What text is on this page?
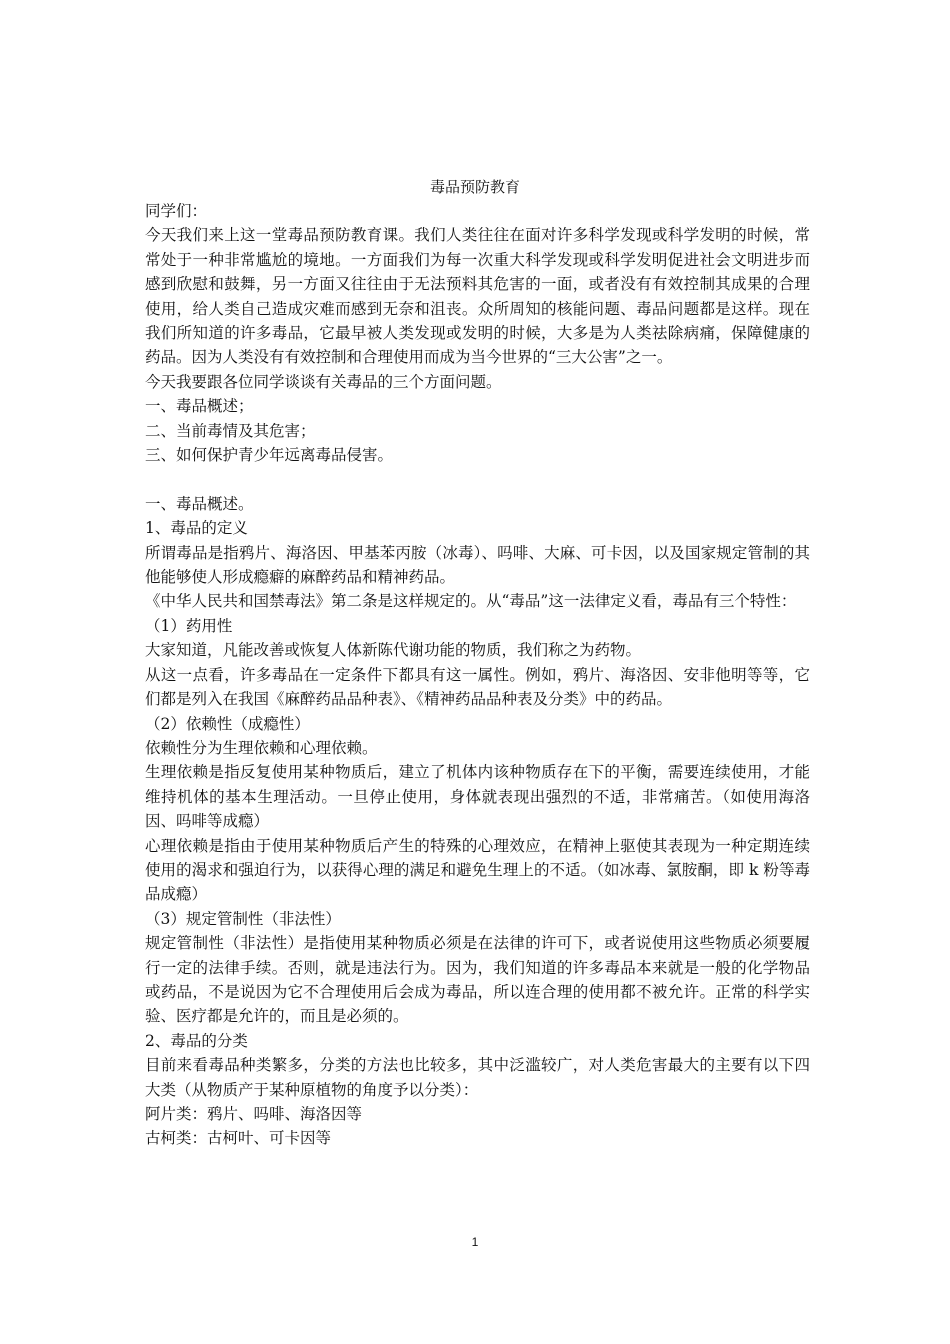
毒品预防教育

同学们：

今天我们来上这一堂毒品预防教育课。我们人类往往在面对许多科学发现或科学发明的时候，常常处于一种非常尴尬的境地。一方面我们为每一次重大科学发现或科学发明促进社会文明进步而感到欣慰和鼓舞，另一方面又往往由于无法预料其危害的一面，或者没有有效控制其成果的合理使用，给人类自己造成灾难而感到无奈和沮丧。众所周知的核能问题、毒品问题都是这样。现在我们所知道的许多毒品，它最早被人类发现或发明的时候，大多是为人类祛除病痛，保障健康的药品。因为人类没有有效控制和合理使用而成为当今世界的“三大公害”之一。

今天我要跟各位同学谈谈有关毒品的三个方面问题。

一、毒品概述；

二、当前毒情及其危害；

三、如何保护青少年远离毒品侵害。

一、毒品概述。

1、毒品的定义

所谓毒品是指鸦片、海洛因、甲基苯丙胺（冰毒）、吗啡、大麻、可卡因，以及国家规定管制的其他能够使人形成瘾癖的麻醉药品和精神药品。

《中华人民共和国禁毒法》第二条是这样规定的。从“毒品”这一法律定义看，毒品有三个特性：

（1）药用性

大家知道，凡能改善或恢复人体新陈代谢功能的物质，我们称之为药物。

从这一点看，许多毒品在一定条件下都具有这一属性。例如，鸦片、海洛因、安非他明等等，它们都是列入在我国《麻醉药品品种表》、《精神药品品种表及分类》中的药品。

（2）依赖性（成瘾性）

依赖性分为生理依赖和心理依赖。

生理依赖是指反复使用某种物质后，建立了机体内该种物质存在下的平衡，需要连续使用，才能维持机体的基本生理活动。一旦停止使用，身体就表现出强烈的不适，非常痛苦。（如使用海洛因、吗啡等成瘾）

心理依赖是指由于使用某种物质后产生的特殊的心理效应，在精神上驱使其表现为一种定期连续使用的渴求和强迫行为，以获得心理的满足和避免生理上的不适。（如冰毒、氯胺酮，即 k 粉等毒品成瘾）

（3）规定管制性（非法性）

规定管制性（非法性）是指使用某种物质必须是在法律的许可下，或者说使用这些物质必须要履行一定的法律手续。否则，就是违法行为。因为，我们知道的许多毒品本来就是一般的化学物品或药品，不是说因为它不合理使用后会成为毒品，所以连合理的使用都不被允许。正常的科学实验、医疗都是允许的，而且是必须的。

2、毒品的分类

目前来看毒品种类繁多，分类的方法也比较多，其中泛滥较广，对人类危害最大的主要有以下四大类（从物质产于某种原植物的角度予以分类）：

阿片类：鸦片、吗啡、海洛因等

古柯类：古柯叶、可卡因等

1
